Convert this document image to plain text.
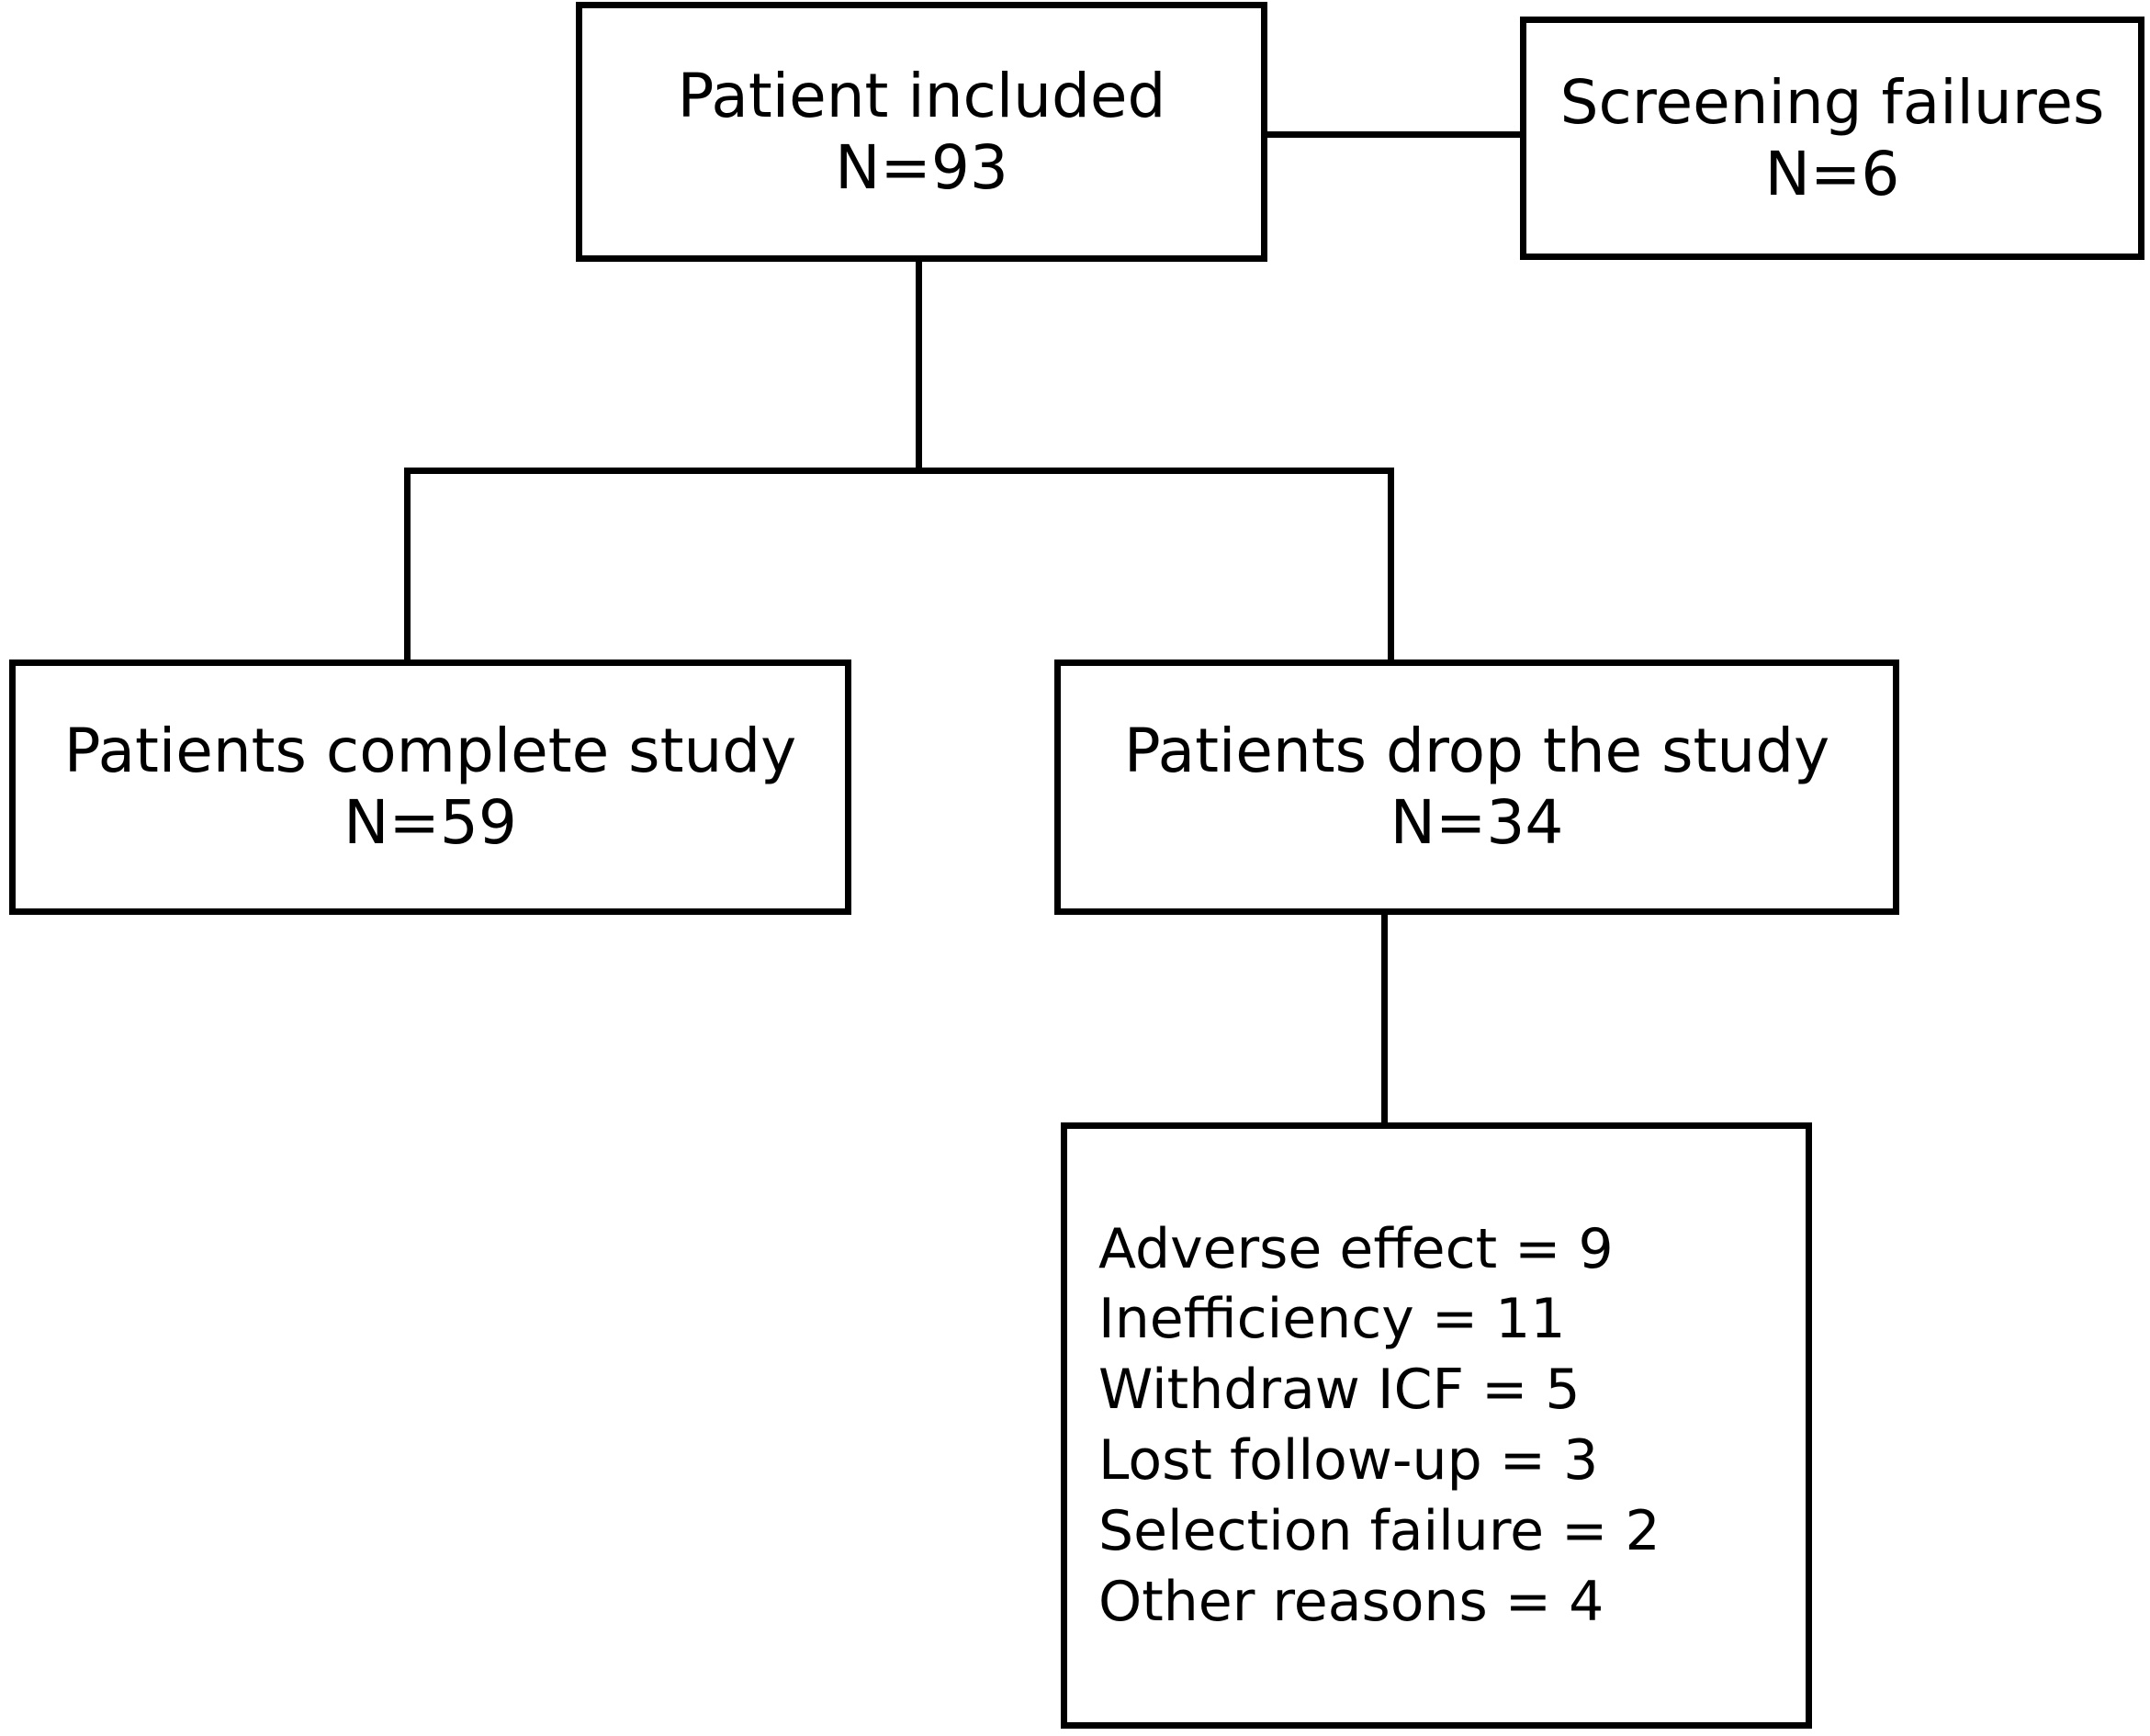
Patient included
N=93
Screening failures
N=6
Patients complete study
N=59
Patients drop the study
N=34
Adverse effect = 9
Inefficiency = 11
Withdraw ICF = 5
Lost follow-up = 3
Selection failure = 2
Other reasons = 4
